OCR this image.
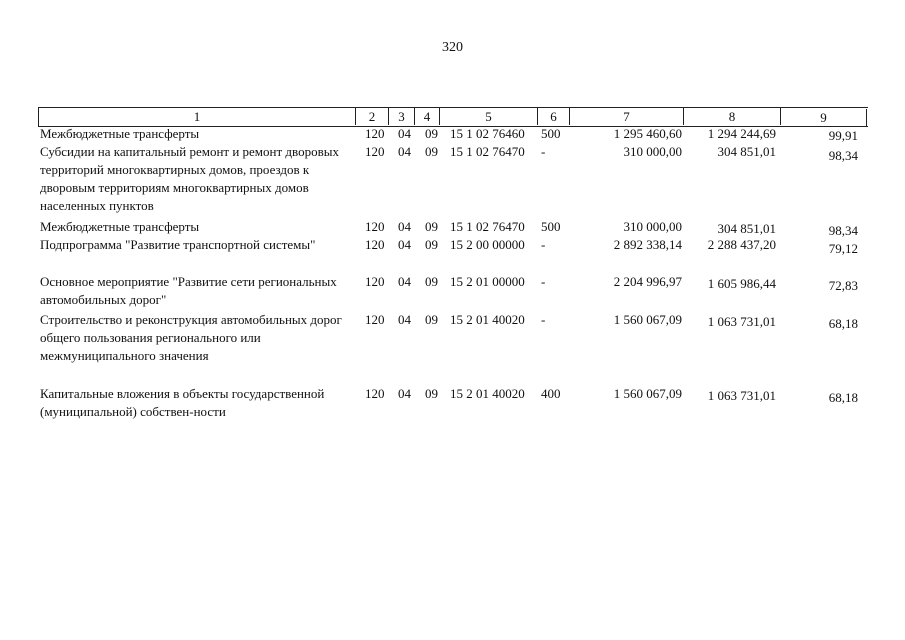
320
1	2	3	4	5	6	7	8	9
Межбюджетные трансферты	120 04 09 15 1 02 76460 500	1 295 460,60	1 294 244,69	99,91
Субсидии на капитальный ремонт и ремонт дворовых территорий многоквартирных домов, проездов к дворовым территориям многоквартирных домов населенных пунктов
120 04 09 15 1 02 76470 -	310 000,00	304 851,01	98,34
Межбюджетные трансферты	120 04 09 15 1 02 76470 500	310 000,00	304 851,01	98,34
Подпрограмма "Развитие транспортной системы"	120 04 09 15 2 00 00000 -	2 892 338,14	2 288 437,20	79,12
Основное мероприятие "Развитие сети региональных автомобильных дорог"
120 04 09 15 2 01 00000 -	2 204 996,97	1 605 986,44	72,83
Строительство и реконструкция автомобильных дорог общего пользования регионального или межмуниципального значения
120 04 09 15 2 01 40020 -	1 560 067,09	1 063 731,01	68,18
Капитальные вложения в объекты государственной (муниципальной) собствен-ности
120 04 09 15 2 01 40020 400	1 560 067,09	1 063 731,01	68,18
